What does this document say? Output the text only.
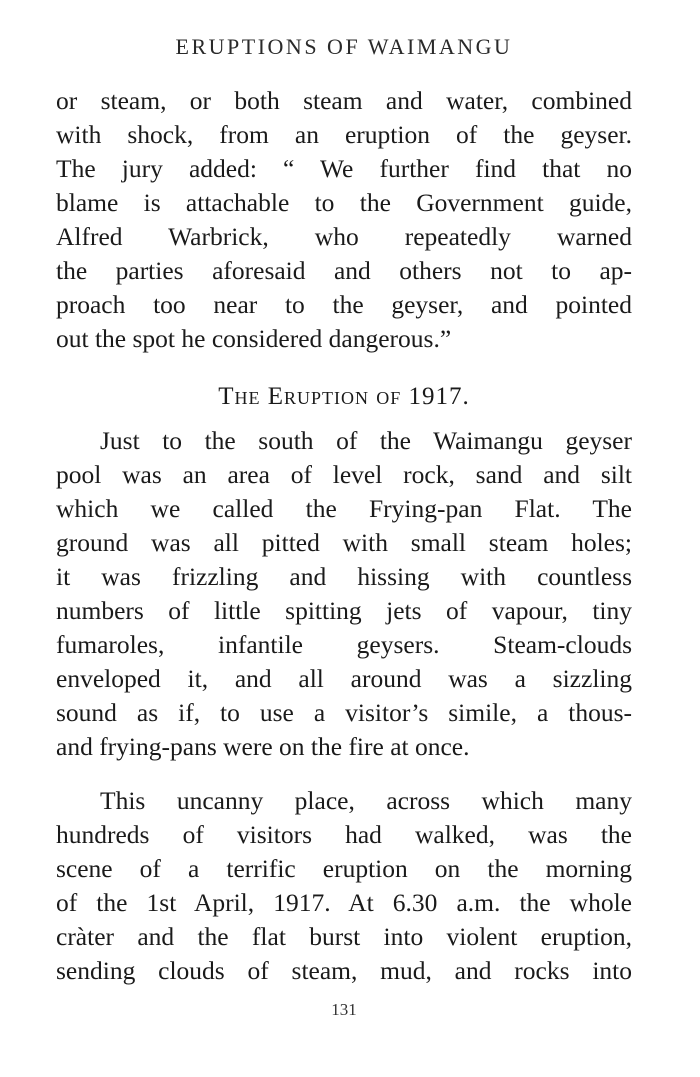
ERUPTIONS OF WAIMANGU
or steam, or both steam and water, combined
with shock, from an eruption of the geyser.
The jury added: “ We further find that no
blame is attachable to the Government guide,
Alfred Warbrick, who repeatedly warned
the parties aforesaid and others not to ap-
proach too near to the geyser, and pointed
out the spot he considered dangerous.”
The Eruption of 1917.
Just to the south of the Waimangu geyser
pool was an area of level rock, sand and silt
which we called the Frying-pan Flat. The
ground was all pitted with small steam holes;
it was frizzling and hissing with countless
numbers of little spitting jets of vapour, tiny
fumaroles, infantile geysers. Steam-clouds
enveloped it, and all around was a sizzling
sound as if, to use a visitor’s simile, a thous-
and frying-pans were on the fire at once.
This uncanny place, across which many
hundreds of visitors had walked, was the
scene of a terrific eruption on the morning
of the 1st April, 1917. At 6.30 a.m. the whole
cràter and the flat burst into violent eruption,
sending clouds of steam, mud, and rocks into
131
